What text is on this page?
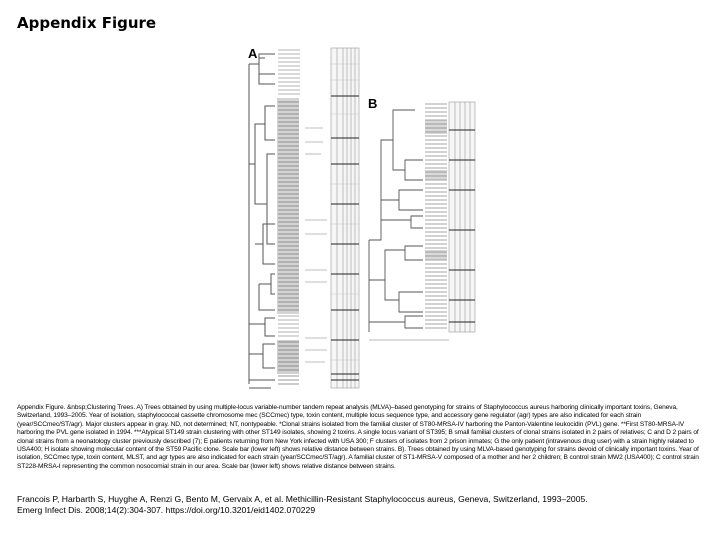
Appendix Figure
A
B
Appendix Figure. &nbsp;Clustering Trees. A) Trees obtained by using multiple-locus variable-number tandem repeat analysis (MLVA)–based genotyping for strains of Staphylococcus aureus harboring clinically important toxins, Geneva, Switzerland, 1993–2005. Year of isolation, staphylococcal cassette chromosome mec (SCCmec) type, toxin content, multiple locus sequence type, and accessory gene regulator (agr) types are also indicated for each strain (year/SCCmec/ST/agr). Major clusters appear in gray. ND, not determined; NT, nontypeable. *Clonal strains isolated from the familial cluster of ST80-MRSA-IV harboring the Panton-Valentine leukocidin (PVL) gene. **First ST80-MRSA-IV harboring the PVL gene isolated in 1994. ***Atypical ST149 strain clustering with other ST149 isolates, showing 2 toxins. A single locus variant of ST395; B small familial clusters of clonal strains isolated in 2 pairs of relatives; C and D 2 pairs of clonal strains from a neonatology cluster previously described (7); E patients returning from New York infected with USA 300; F clusters of isolates from 2 prison inmates; G the only patient (intravenous drug user) with a strain highly related to USA400; H isolate showing molecular content of the ST59 Pacific clone. Scale bar (lower left) shows relative distance between strains. B). Trees obtained by using MLVA-based genotyping for strains devoid of clinically important toxins. Year of isolation, SCCmec type, toxin content, MLST, and agr types are also indicated for each strain (year/SCCmec/ST/agr). A familial cluster of ST1-MRSA-V composed of a mother and her 2 children; B control strain MW2 (USA400); C control strain ST228-MRSA-I representing the common nosocomial strain in our area. Scale bar (lower left) shows relative distance between strains.
Francois P, Harbarth S, Huyghe A, Renzi G, Bento M, Gervaix A, et al. Methicillin-Resistant Staphylococcus aureus, Geneva, Switzerland, 1993–2005.
Emerg Infect Dis. 2008;14(2):304-307. https://doi.org/10.3201/eid1402.070229
